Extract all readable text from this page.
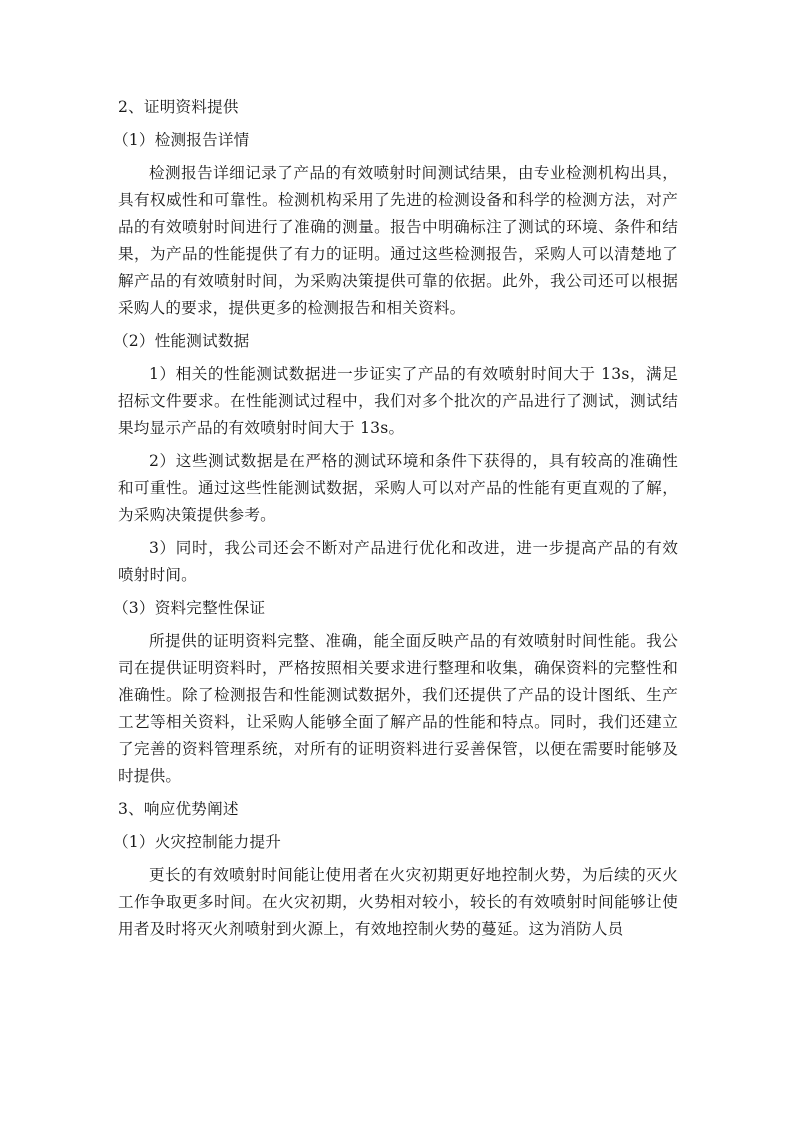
2、证明资料提供
（1）检测报告详情

检测报告详细记录了产品的有效喷射时间测试结果，由专业检测机构出具，具有权威性和可靠性。检测机构采用了先进的检测设备和科学的检测方法，对产品的有效喷射时间进行了准确的测量。报告中明确标注了测试的环境、条件和结果，为产品的性能提供了有力的证明。通过这些检测报告，采购人可以清楚地了解产品的有效喷射时间，为采购决策提供可靠的依据。此外，我公司还可以根据采购人的要求，提供更多的检测报告和相关资料。

（2）性能测试数据

1）相关的性能测试数据进一步证实了产品的有效喷射时间大于 13s，满足招标文件要求。在性能测试过程中，我们对多个批次的产品进行了测试，测试结果均显示产品的有效喷射时间大于 13s。

2）这些测试数据是在严格的测试环境和条件下获得的，具有较高的准确性和可重性。通过这些性能测试数据，采购人可以对产品的性能有更直观的了解，为采购决策提供参考。

3）同时，我公司还会不断对产品进行优化和改进，进一步提高产品的有效喷射时间。

（3）资料完整性保证

所提供的证明资料完整、准确，能全面反映产品的有效喷射时间性能。我公司在提供证明资料时，严格按照相关要求进行整理和收集，确保资料的完整性和准确性。除了检测报告和性能测试数据外，我们还提供了产品的设计图纸、生产工艺等相关资料，让采购人能够全面了解产品的性能和特点。同时，我们还建立了完善的资料管理系统，对所有的证明资料进行妥善保管，以便在需要时能够及时提供。

3、响应优势阐述
（1）火灾控制能力提升

更长的有效喷射时间能让使用者在火灾初期更好地控制火势，为后续的灭火工作争取更多时间。在火灾初期，火势相对较小，较长的有效喷射时间能够让使用者及时将灭火剂喷射到火源上，有效地控制火势的蔓延。这为消防人员
